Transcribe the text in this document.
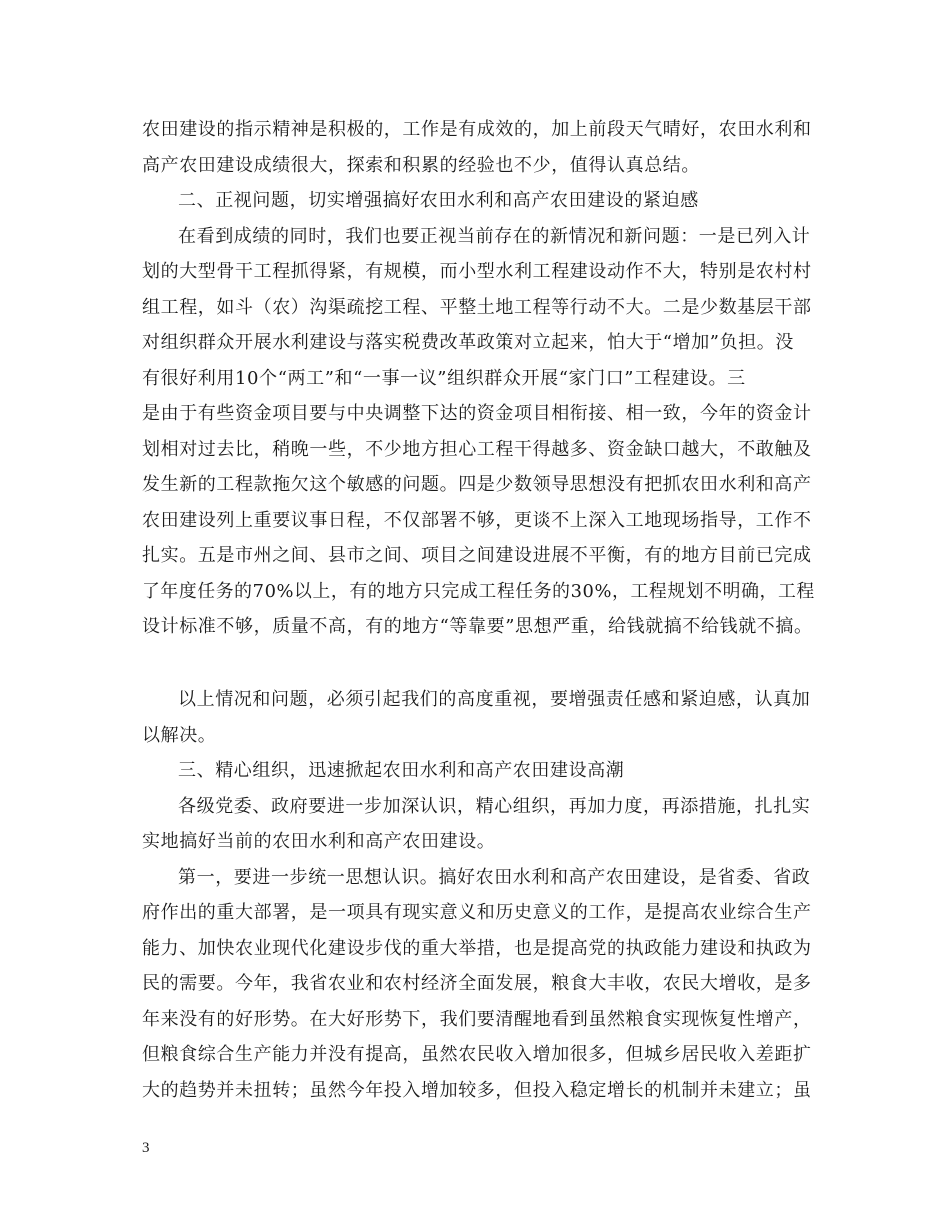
农田建设的指示精神是积极的，工作是有成效的，加上前段天气晴好，农田水利和
高产农田建设成绩很大，探索和积累的经验也不少，值得认真总结。
二、正视问题，切实增强搞好农田水利和高产农田建设的紧迫感
在看到成绩的同时，我们也要正视当前存在的新情况和新问题：一是已列入计
划的大型骨干工程抓得紧，有规模，而小型水利工程建设动作不大，特别是农村村
组工程，如斗（农）沟渠疏挖工程、平整土地工程等行动不大。二是少数基层干部
对组织群众开展水利建设与落实税费改革政策对立起来，怕大于“增加”负担。没
有很好利用10个“两工”和“一事一议”组织群众开展“家门口”工程建设。三
是由于有些资金项目要与中央调整下达的资金项目相衔接、相一致，今年的资金计
划相对过去比，稍晚一些，不少地方担心工程干得越多、资金缺口越大，不敢触及
发生新的工程款拖欠这个敏感的问题。四是少数领导思想没有把抓农田水利和高产
农田建设列上重要议事日程，不仅部署不够，更谈不上深入工地现场指导，工作不
扎实。五是市州之间、县市之间、项目之间建设进展不平衡，有的地方目前已完成
了年度任务的70%以上，有的地方只完成工程任务的30%，工程规划不明确，工程
设计标准不够，质量不高，有的地方“等靠要”思想严重，给钱就搞不给钱就不搞。
以上情况和问题，必须引起我们的高度重视，要增强责任感和紧迫感，认真加
以解决。
三、精心组织，迅速掀起农田水利和高产农田建设高潮
各级党委、政府要进一步加深认识，精心组织，再加力度，再添措施，扎扎实
实地搞好当前的农田水利和高产农田建设。
第一，要进一步统一思想认识。搞好农田水利和高产农田建设，是省委、省政
府作出的重大部署，是一项具有现实意义和历史意义的工作，是提高农业综合生产
能力、加快农业现代化建设步伐的重大举措，也是提高党的执政能力建设和执政为
民的需要。今年，我省农业和农村经济全面发展，粮食大丰收，农民大增收，是多
年来没有的好形势。在大好形势下，我们要清醒地看到虽然粮食实现恢复性增产，
但粮食综合生产能力并没有提高，虽然农民收入增加很多，但城乡居民收入差距扩
大的趋势并未扭转；虽然今年投入增加较多，但投入稳定增长的机制并未建立；虽
3
